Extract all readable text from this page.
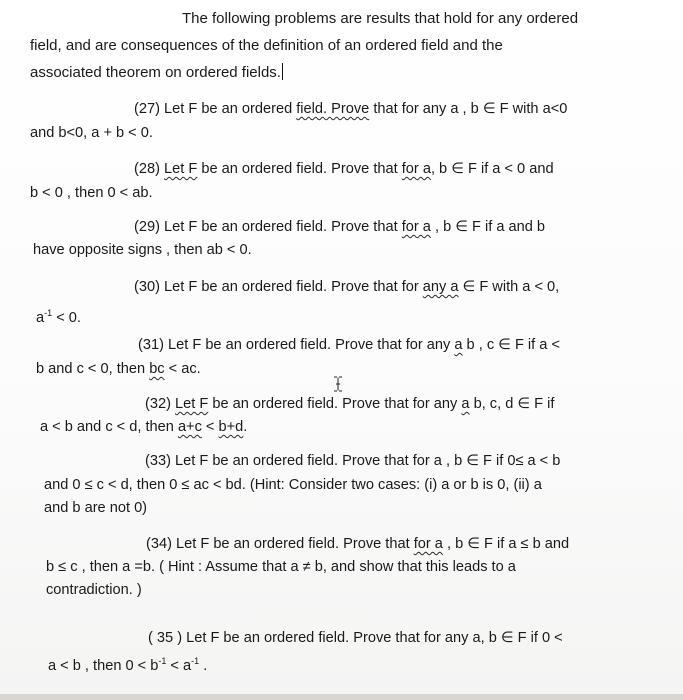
The following problems are results that hold for any ordered
field, and are consequences of the definition of an ordered field and the
associated theorem on ordered fields.
(27) Let F be an ordered field. Prove that for any a , b ∈ F with a<0
and b<0, a + b < 0.
(28) Let F be an ordered field. Prove that for a, b ∈ F if a < 0 and
b < 0 , then 0 < ab.
(29) Let F be an ordered field. Prove that for a , b ∈ F if a and b
have opposite signs , then ab < 0.
(30) Let F be an ordered field. Prove that for any a ∈ F with a < 0,
$a^{-1} < 0$.
(31) Let F be an ordered field. Prove that for any a b , c ∈ F if a <
b and c < 0, then bc < ac.
(32) Let F be an ordered field. Prove that for any a b, c, d ∈ F if
a < b and c < d, then a+c < b+d.
(33) Let F be an ordered field. Prove that for a , b ∈ F if 0≤ a < b
and 0 ≤ c < d, then 0 ≤ ac < bd. (Hint: Consider two cases: (i) a or b is 0, (ii) a
and b are not 0)
(34) Let F be an ordered field. Prove that for a , b ∈ F if a ≤ b and
b ≤ c , then a =b. ( Hint : Assume that a ≠ b, and show that this leads to a
contradiction. )
( 35 ) Let F be an ordered field. Prove that for any a, b ∈ F if 0 <
a < b , then $0 < b^{-1} < a^{-1}$ .
